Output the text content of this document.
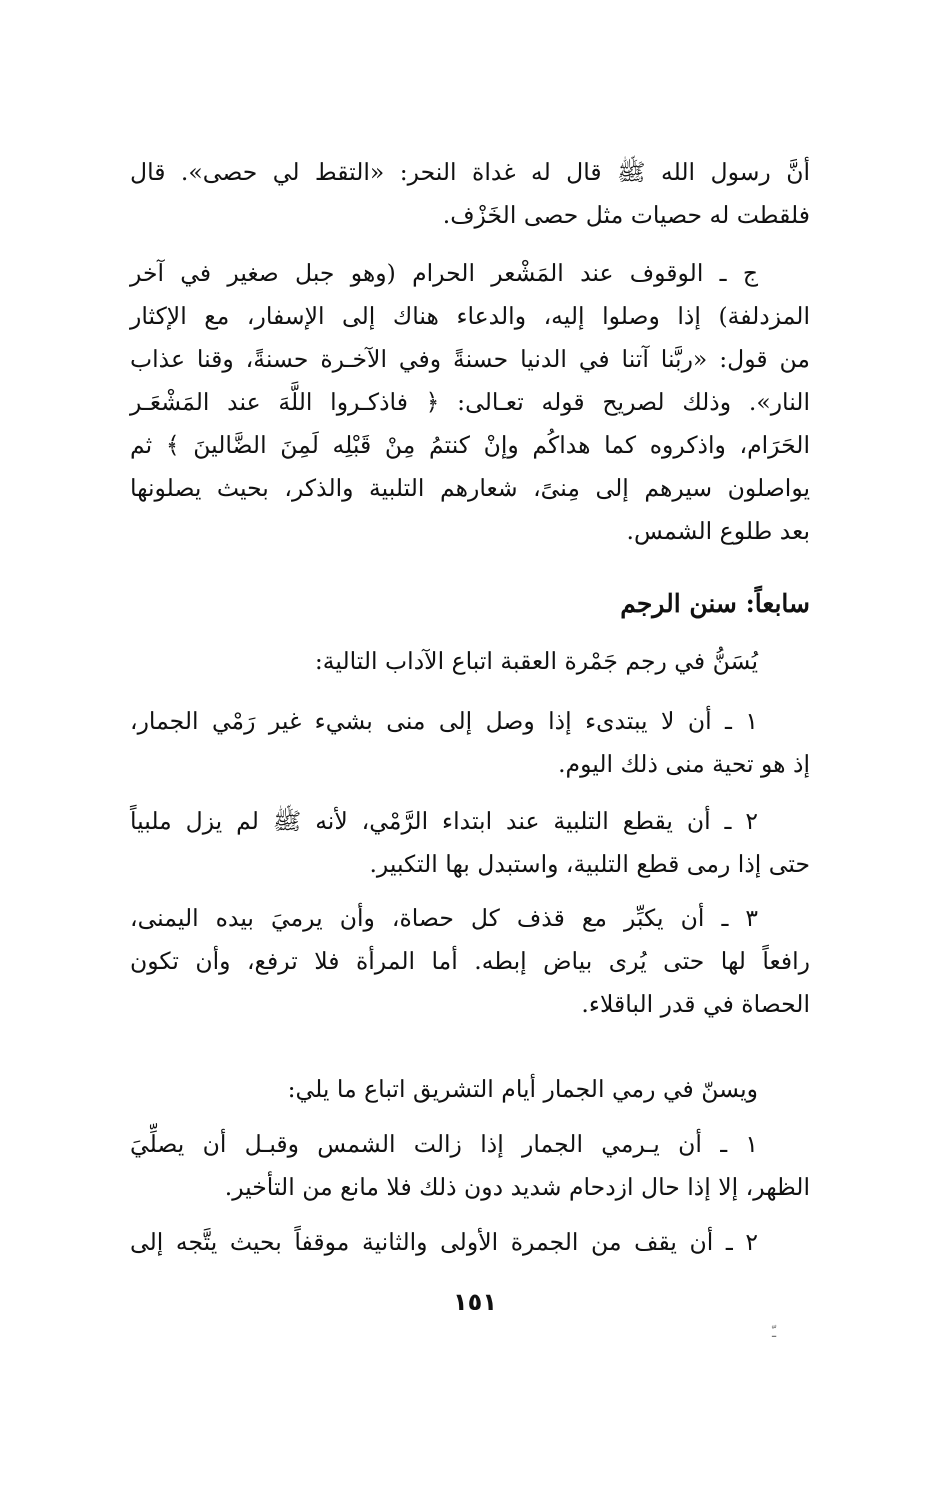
أنَّ رسول الله ﷺ قال له غداة النحر: «التقط لي حصى». قال
فلقطت له حصيات مثل حصى الخَزْف.
ج ـ الوقوف عند المَشْعر الحرام (وهو جبل صغير في آخر
المزدلفة) إذا وصلوا إليه، والدعاء هناك إلى الإسفار، مع الإكثار
من قول: «ربَّنا آتنا في الدنيا حسنةً وفي الآخـرة حسنةً، وقنا عذاب
النار». وذلك لصريح قوله تعـالى: ﴿ فاذكـروا اللَّهَ عند المَشْعَـر
الحَرَام، واذكروه كما هداكُم وإنْ كنتمُ مِنْ قَبْلِه لَمِنَ الضَّالينَ ﴾ ثم
يواصلون سيرهم إلى مِنىً، شعارهم التلبية والذكر، بحيث يصلونها
بعد طلوع الشمس.
سابعاً: سنن الرجم
يُسَنُّ في رجم جَمْرة العقبة اتباع الآداب التالية:
١ ـ أن لا يبتدىء إذا وصل إلى منى بشيء غير رَمْي الجمار،
إذ هو تحية منى ذلك اليوم.
٢ ـ أن يقطع التلبية عند ابتداء الرَّمْي، لأنه ﷺ لم يزل ملبياً
حتى إذا رمى قطع التلبية، واستبدل بها التكبير.
٣ ـ أن يكبِّر مع قذف كل حصاة، وأن يرميَ بيده اليمنى،
رافعاً لها حتى يُرى بياض إبطه. أما المرأة فلا ترفع، وأن تكون
الحصاة في قدر الباقلاء.
ويسنّ في رمي الجمار أيام التشريق اتباع ما يلي:
١ ـ أن يـرمي الجمار إذا زالت الشمس وقبـل أن يصلِّيَ
الظهر، إلا إذا حال ازدحام شديد دون ذلك فلا مانع من التأخير.
٢ ـ أن يقف من الجمرة الأولى والثانية موقفاً بحيث يتَّجه إلى
١٥١
ـّ
